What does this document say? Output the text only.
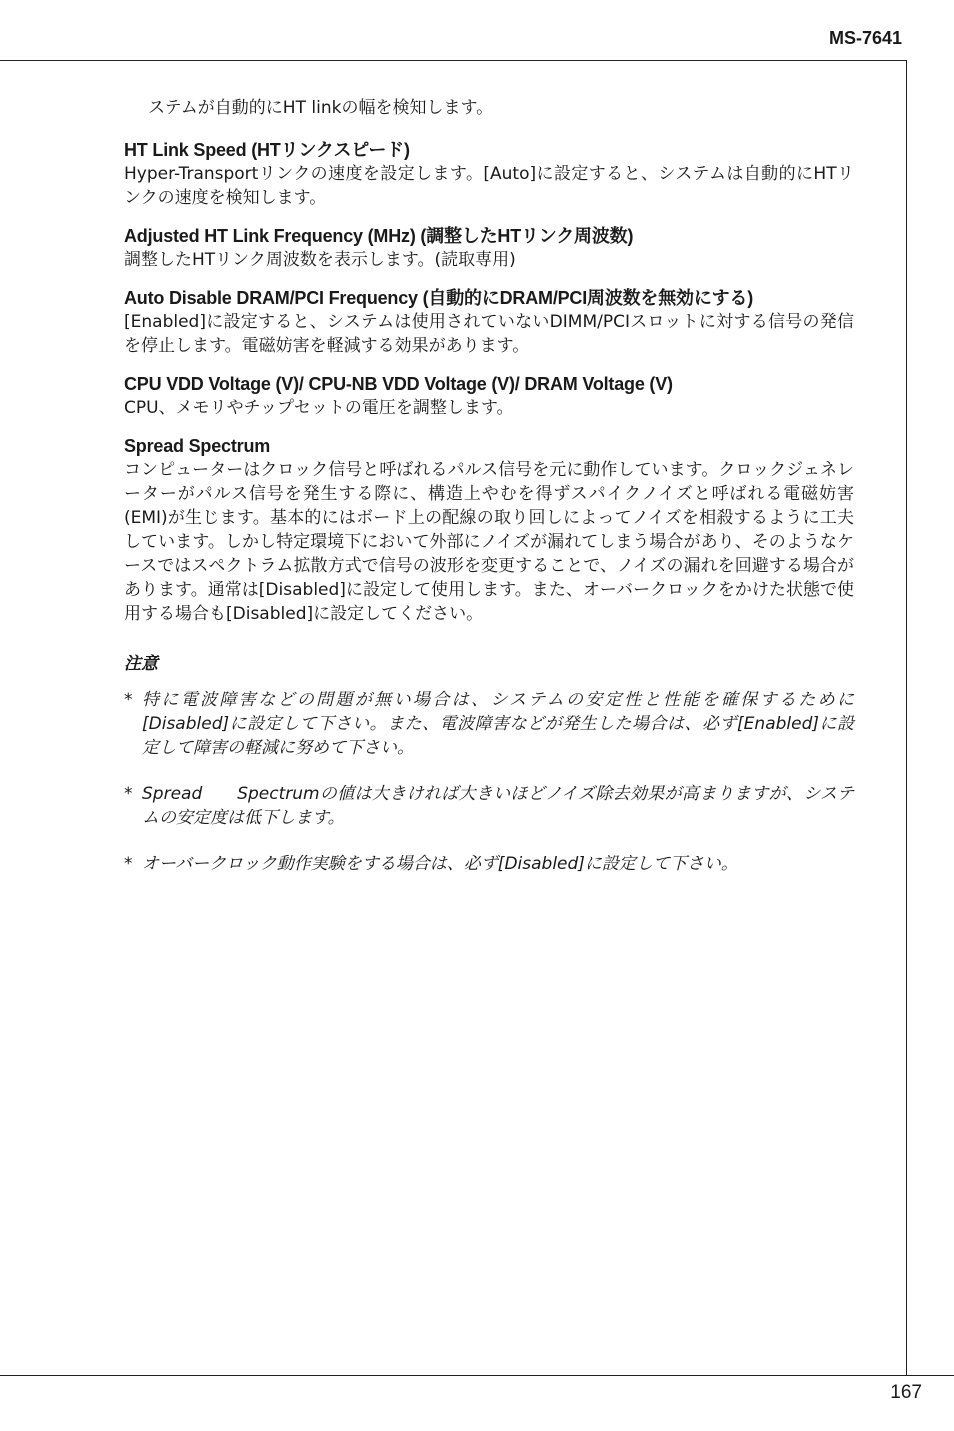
MS-7641

ステムが自動的にHT linkの幅を検知します。

HT Link Speed (HTリンクスピード)

Hyper-Transportリンクの速度を設定します。[Auto]に設定すると、システムは自動的にHTリンクの速度を検知します。

Adjusted HT Link Frequency (MHz) (調整したHTリンク周波数)

調整したHTリンク周波数を表示します。(読取専用)

Auto Disable DRAM/PCI Frequency (自動的にDRAM/PCI周波数を無効にする)

[Enabled]に設定すると、システムは使用されていないDIMM/PCIスロットに対する信号の発信を停止します。電磁妨害を軽減する効果があります。

CPU VDD Voltage (V)/ CPU-NB VDD Voltage (V)/ DRAM Voltage (V)

CPU、メモリやチップセットの電圧を調整します。

Spread Spectrum

コンピューターはクロック信号と呼ばれるパルス信号を元に動作しています。クロックジェネレーターがパルス信号を発生する際に、構造上やむを得ずスパイクノイズと呼ばれる電磁妨害(EMI)が生じます。基本的にはボード上の配線の取り回しによってノイズを相殺するように工夫しています。しかし特定環境下において外部にノイズが漏れてしまう場合があり、そのようなケースではスペクトラム拡散方式で信号の波形を変更することで、ノイズの漏れを回避する場合があります。通常は[Disabled]に設定して使用します。また、オーバークロックをかけた状態で使用する場合も[Disabled]に設定してください。

注意

* 特に電波障害などの問題が無い場合は、システムの安定性と性能を確保するために[Disabled]に設定して下さい。また、電波障害などが発生した場合は、必ず[Enabled]に設定して障害の軽減に努めて下さい。
* Spread　　Spectrumの値は大きければ大きいほどノイズ除去効果が高まりますが、システムの安定度は低下します。
* オーバークロック動作実験をする場合は、必ず[Disabled]に設定して下さい。
167
